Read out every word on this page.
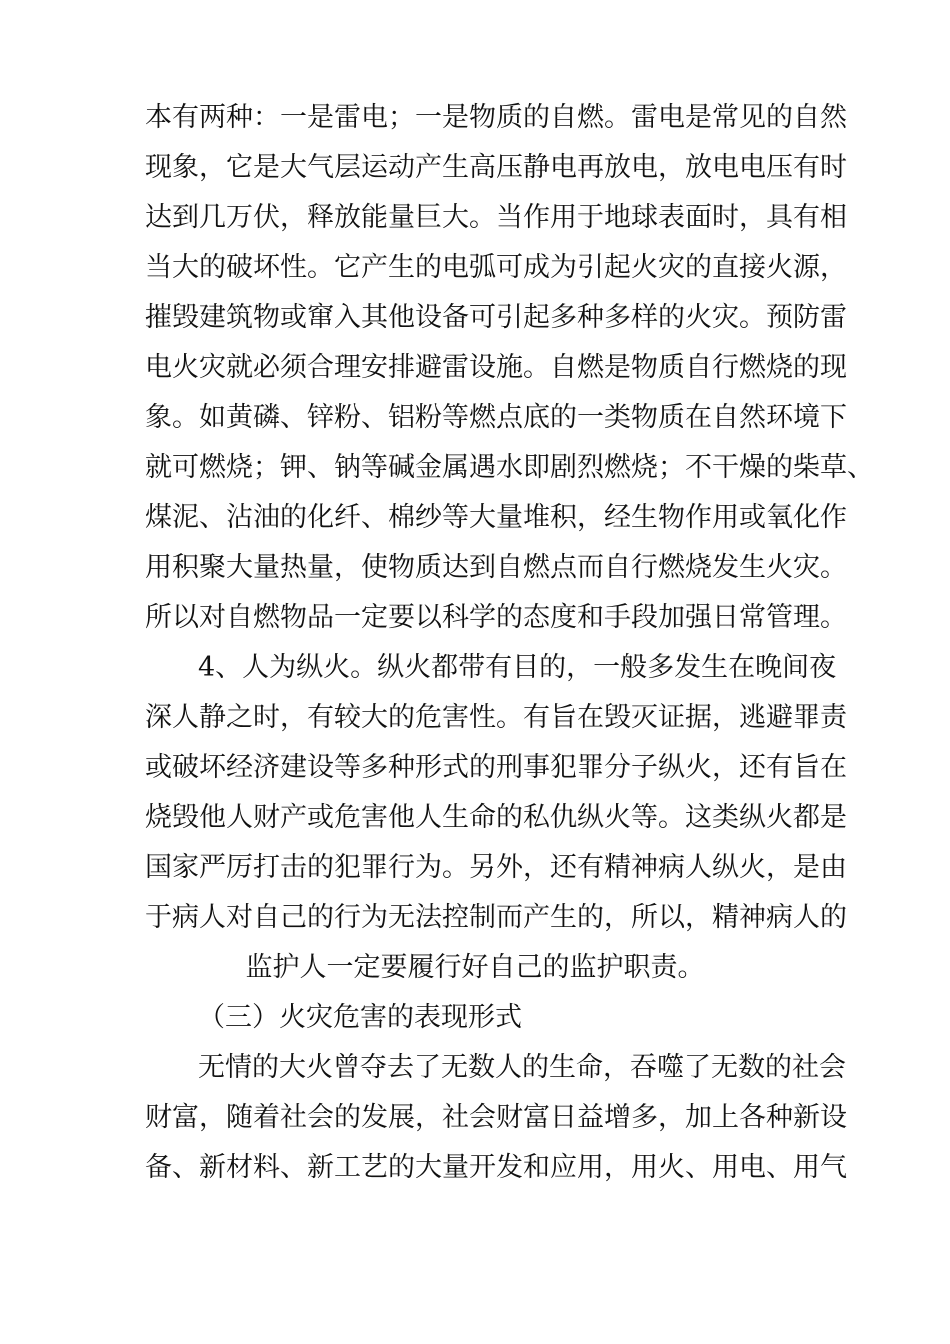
本有两种：一是雷电；一是物质的自燃。雷电是常见的自然
现象，它是大气层运动产生高压静电再放电，放电电压有时
达到几万伏，释放能量巨大。当作用于地球表面时，具有相
当大的破坏性。它产生的电弧可成为引起火灾的直接火源，
摧毁建筑物或窜入其他设备可引起多种多样的火灾。预防雷
电火灾就必须合理安排避雷设施。自燃是物质自行燃烧的现
象。如黄磷、锌粉、铝粉等燃点底的一类物质在自然环境下
就可燃烧；钾、钠等碱金属遇水即剧烈燃烧；不干燥的柴草、
煤泥、沾油的化纤、棉纱等大量堆积，经生物作用或氧化作
用积聚大量热量，使物质达到自燃点而自行燃烧发生火灾。
所以对自燃物品一定要以科学的态度和手段加强日常管理。
4、人为纵火。纵火都带有目的，一般多发生在晚间夜
深人静之时，有较大的危害性。有旨在毁灭证据，逃避罪责
或破坏经济建设等多种形式的刑事犯罪分子纵火，还有旨在
烧毁他人财产或危害他人生命的私仇纵火等。这类纵火都是
国家严厉打击的犯罪行为。另外，还有精神病人纵火，是由
于病人对自己的行为无法控制而产生的，所以，精神病人的
监护人一定要履行好自己的监护职责。
（三）火灾危害的表现形式
无情的大火曾夺去了无数人的生命，吞噬了无数的社会
财富，随着社会的发展，社会财富日益增多，加上各种新设
备、新材料、新工艺的大量开发和应用，用火、用电、用气
